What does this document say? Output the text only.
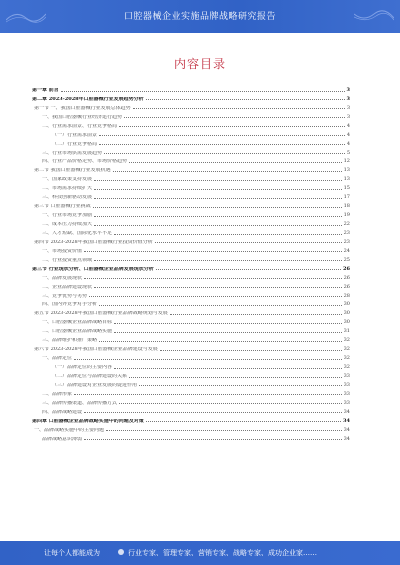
口腔器械企业实施品牌战略研究报告
内容目录
第一章 前言	3
第二章 2023-2028年口腔器械行业发展趋势分析	3
第一节 一、我国口腔器械行业发展总体趋势	3
一、我国口腔器械行业经济运行趋势	3
二、行业需求前景、行业竞争格局	4
（一）行业需求前景	4
（二）行业竞争格局	4
三、行业市场供需发展趋势	5
四、行业产品价格走势、市场价格趋势	12
第二节 我国口腔器械行业发展机遇	13
一、国家政策支持发展	13
二、市场需求持续扩大	15
三、科技创新驱动发展	17
第三节 口腔器械行业挑战	18
一、行业市场竞争加剧	19
二、成本压力持续加大	22
三、人才短缺、国际化水平不足	23
第四节 2023-2028年我国口腔器械行业投资价值分析	23
一、市场投资价值	24
二、行业投资重点领域	25
第三节 行业现状分析、口腔器械企业品牌发展现状分析	26
一、品牌发展现状	26
二、企业品牌建设现状	26
三、竞争优势与劣势	28
四、国内外竞争对手分析	30
第五节 2023-2028年我国口腔器械行业品牌战略规划与发展	30
一、口腔器械企业品牌战略目标	30
二、口腔器械企业品牌战略实施	31
三、品牌维护和推广策略	32
第六节 2023-2028年我国口腔器械企业品牌建设与发展	32
一、品牌定位	32
（一）品牌定位的主要内容	32
（二）品牌定位与品牌建设的关系	33
（三）品牌建设对企业发展的促进作用	33
二、品牌形象	33
三、品牌传播渠道、品牌传播方式	33
四、品牌战略建设	34
第四章 口腔器械企业品牌战略实施中的问题及对策	34
一、品牌战略实施中的主要问题	34
品牌战略意识薄弱	34
让每个人都能成为	行业专家、管理专家、营销专家、战略专家、成功企业家……
